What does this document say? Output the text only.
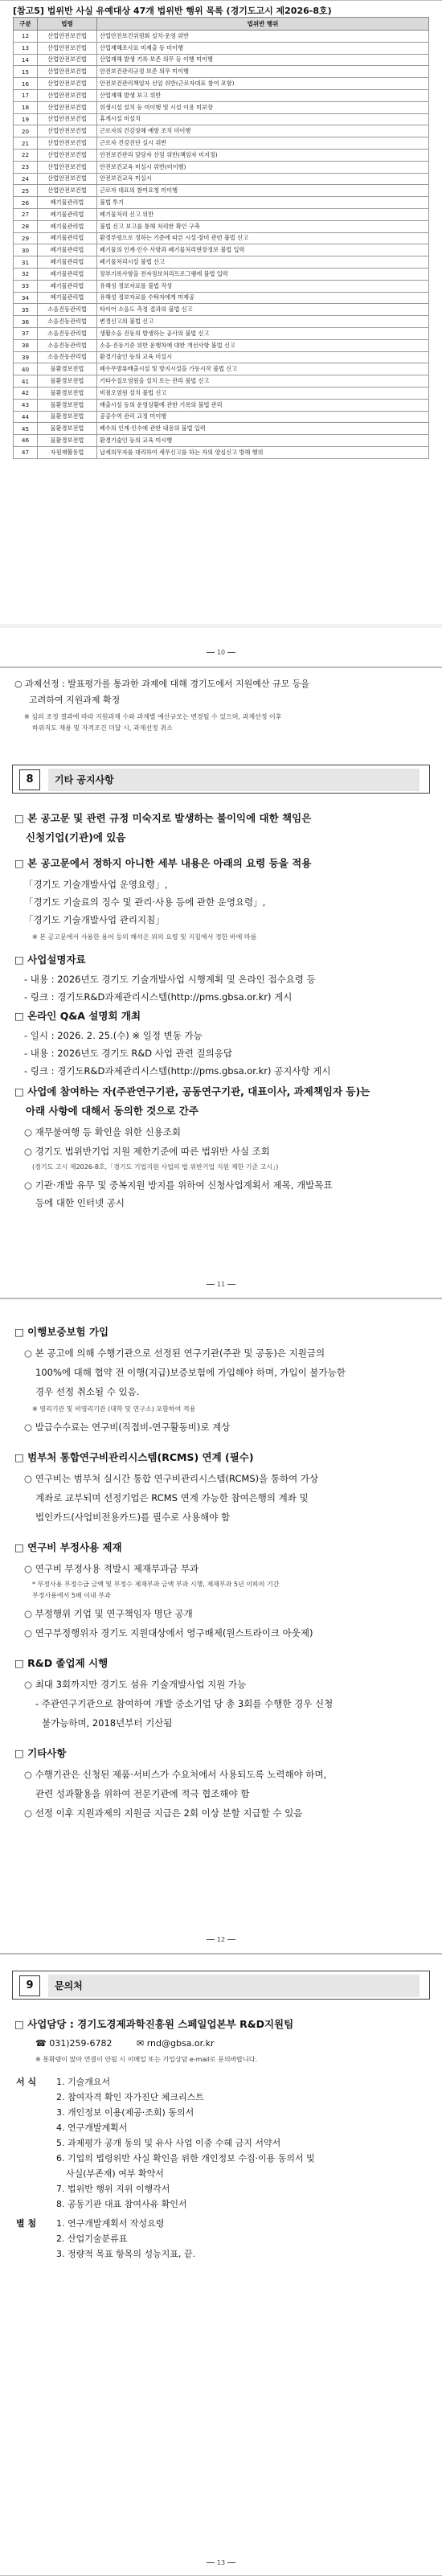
[참고5] 법위반 사실 유예대상 47개 법위반 행위 목록 (경기도고시 제2026-8호)
구분	법령	법위반 행위
12	산업안전보건법	산업안전보건위원회 설치·운영 위반
13	산업안전보건법	산업재해조사표 미제출 등 미이행
14	산업안전보건법	산업재해 발생 기록·보존 의무 등 이행 미이행
15	산업안전보건법	안전보건관리규정 보존 의무 미이행
16	산업안전보건법	안전보건관리책임자 선임 위반(근로자대표 참여 포함)
17	산업안전보건법	산업재해 발생 보고 위반
18	산업안전보건법	위생시설 설치 등 미이행 및 시설 이용 미보장
19	산업안전보건법	휴게시설 미설치
20	산업안전보건법	근로자의 건강장해 예방 조치 미이행
21	산업안전보건법	근로자 건강진단 실시 위반
22	산업안전보건법	안전보건관리 담당자 선임 위반(책임자 미지정)
23	산업안전보건법	안전보건교육 미실시 위반(미이행)
24	산업안전보건법	안전보건교육 미실시
25	산업안전보건법	근로자 대표의 참여요청 미이행
26	폐기물관리법	불법 투기
27	폐기물관리법	폐기물처리 신고 위반
28	폐기물관리법	불법 신고 보고를 통해 처리한 확인 구축
29	폐기물관리법	환경부령으로 정하는 기준에 따른 시설·장비 관련 불법 신고
30	폐기물관리법	폐기물의 인계·인수 사항과 폐기물처리현장정보 불법 입력
31	폐기물관리법	폐기물처리시설 불법 신고
32	폐기물관리법	장부기록사항을 전자정보처리프로그램에 불법 입력
33	폐기물관리법	유해성 정보자료를 불법 작성
34	폐기물관리법	유해성 정보자료를 수탁자에게 미제공
35	소음진동관리법	타이어 소음도 측정 결과의 불법 신고
36	소음진동관리법	변경신고의 불법 신고
37	소음진동관리법	생활소음 진동의 발생하는 공사의 불법 신고
38	소음진동관리법	소음·진동기준 위반 운행차에 대한 개선사항 불법 신고
39	소음진동관리법	환경기술인 등의 교육 미실시
40	물환경보전법	폐수무방류배출시설 및 방지시설을 가동시작 불법 신고
41	물환경보전법	기타수질오염원을 설치 또는 관리 불법 신고
42	물환경보전법	비점오염원 설치 불법 신고
43	물환경보전법	배출시설 등의 운영상황에 관한 기록의 불법 관리
44	물환경보전법	공공수역 관리 교정 미이행
45	물환경보전법	폐수의 인계·인수에 관한 내용의 불법 입력
46	물환경보전법	환경기술인 등의 교육 미시행
47	자원재활용법	납세의무자를 대리하여 세무신고를 하는 자의 양심신고 방해 행위
10
○ 과제선정 : 발표평가를 통과한 과제에 대해 경기도에서 지원예산 규모 등을
고려하여 지원과제 확정
※ 심의 조정 결과에 따라 지원과제 수와 과제별 예산규모는 변경될 수 있으며, 과제선정 이후
하위직도 재용 및 자격조건 미달 시, 과제선정 취소
8	기타 공지사항
□ 본 공고문 및 관련 규정 미숙지로 발생하는 불이익에 대한 책임은
신청기업(기관)에 있음
□ 본 공고문에서 정하지 아니한 세부 내용은 아래의 요령 등을 적용
「경기도 기술개발사업 운영요령」,
「경기도 기술료의 징수 및 관리·사용 등에 관한 운영요령」,
「경기도 기술개발사업 관리지침」
※ 본 공고문에서 사용한 용어 등의 해석은 위의 요령 및 지침에서 정한 바에 따름
□ 사업설명자료
- 내용 : 2026년도 경기도 기술개발사업 시행계획 및 온라인 접수요령 등
- 링크 : 경기도R&D과제관리시스템(http://pms.gbsa.or.kr) 게시
□ 온라인 Q&A 설명회 개최
- 일시 : 2026. 2. 25.(수) ※ 일정 변동 가능
- 내용 : 2026년도 경기도 R&D 사업 관련 질의응답
- 링크 : 경기도R&D과제관리시스템(http://pms.gbsa.or.kr) 공지사항 게시
□ 사업에 참여하는 자(주관연구기관, 공동연구기관, 대표이사, 과제책임자 등)는
아래 사항에 대해서 동의한 것으로 간주
○ 재무불여행 등 확인을 위한 신용조회
○ 경기도 법위반기업 지원 제한기준에 따른 법위반 사실 조회
(경기도 고시 제2026-8호,「경기도 기업지원 사업의 법 위반기업 지원 제한 기준 고시」)
○ 기관·개발 유무 및 중복지원 방지를 위하여 신청사업계획서 제목, 개발목표
등에 대한 인터넷 공시
11
□ 이행보증보험 가입
○ 본 공고에 의해 수행기관으로 선정된 연구기관(주관 및 공동)은 지원금의
100%에 대해 협약 전 이행(지급)보증보험에 가입해야 하며, 가입이 불가능한
경우 선정 취소될 수 있음.
※ 영리기관 및 비영리기관 (대학 및 연구소) 포함하여 적용
○ 발급수수료는 연구비(직접비-연구활동비)로 계상
□ 범부처 통합연구비관리시스템(RCMS) 연계 (필수)
○ 연구비는 범부처 실시간 통합 연구비관리시스템(RCMS)을 통하여 가상
계좌로 교부되며 선정기업은 RCMS 연계 가능한 참여은행의 계좌 및
법인카드(사업비전용카드)를 필수로 사용해야 함
□ 연구비 부정사용 제재
○ 연구비 부정사용 적발시 제재부과금 부과
* 부정사용 부정수급 금액 및 부정수 제재부과 금액 부과 시행, 제재부과 5년 이하의 기간
부정사용에서 5배 이내 부과
○ 부정행위 기업 및 연구책임자 명단 공개
○ 연구부정행위자 경기도 지원대상에서 영구배제(원스트라이크 아웃제)
□ R&D 졸업제 시행
○ 최대 3회까지만 경기도 섬유 기술개발사업 지원 가능
- 주관연구기관으로 참여하여 개발 중소기업 당 총 3회를 수행한 경우 신청
불가능하며, 2018년부터 기산됨
□ 기타사항
○ 수행기관은 신청된 제품·서비스가 수요처에서 사용되도록 노력해야 하며,
관련 성과활용을 위하여 전문기관에 적극 협조해야 함
○ 선정 이후 지원과제의 지원금 지급은 2회 이상 분할 지급할 수 있음
12
9	문의처
□ 사업담당 : 경기도경제과학진흥원 스페일업본부 R&D지원팀
☎ 031)259-6782	✉ rnd@gbsa.or.kr
※ 통화량이 많아 연결이 안될 시 이메일 또는 기업상담 e-mail로 문의바랍니다.
서 식 1. 기술개요서
2. 참여자격 확인 자가진단 체크리스트
3. 개인정보 이용(제공·조회) 동의서
4. 연구개발계획서
5. 과제평가 공개 동의 및 유사 사업 이중 수혜 금지 서약서
6. 기업의 법령위반 사실 확인을 위한 개인정보 수집·이용 동의서 및
사실(부존재) 여부 확약서
7. 법위반 행위 지위 이행각서
8. 공동기관 대표 참여사유 확인서
별 첨 1. 연구개발계획서 작성요령
2. 산업기술분류표
3. 정량적 목표 항목의 성능지표, 끝.
13
